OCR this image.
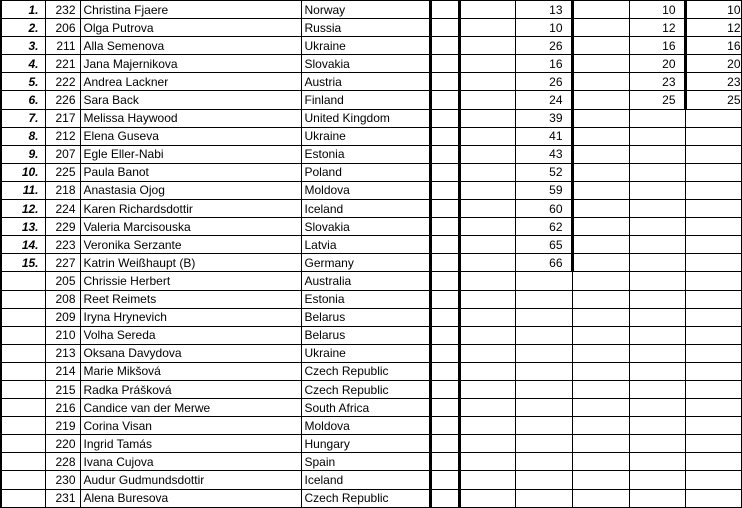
1.	232	Christina Fjaere	Norway			13		10	10
2.	206	Olga Putrova	Russia			10		12	12
3.	211	Alla Semenova	Ukraine			26		16	16
4.	221	Jana Majernikova	Slovakia			16		20	20
5.	222	Andrea Lackner	Austria			26		23	23
6.	226	Sara Back	Finland			24		25	25
7.	217	Melissa Haywood	United Kingdom			39			
8.	212	Elena Guseva	Ukraine			41			
9.	207	Egle Eller-Nabi	Estonia			43			
10.	225	Paula Banot	Poland			52			
11.	218	Anastasia Ojog	Moldova			59			
12.	224	Karen Richardsdottir	Iceland			60			
13.	229	Valeria Marcisouska	Slovakia			62			
14.	223	Veronika Serzante	Latvia			65			
15.	227	Katrin Weißhaupt (B)	Germany			66			
	205	Chrissie Herbert	Australia						
	208	Reet Reimets	Estonia						
	209	Iryna Hrynevich	Belarus						
	210	Volha Sereda	Belarus						
	213	Oksana Davydova	Ukraine						
	214	Marie Mikšová	Czech Republic						
	215	Radka Prášková	Czech Republic						
	216	Candice van der Merwe	South Africa						
	219	Corina Visan	Moldova						
	220	Ingrid Tamás	Hungary						
	228	Ivana Cujova	Spain						
	230	Audur Gudmundsdottir	Iceland						
	231	Alena Buresova	Czech Republic						
